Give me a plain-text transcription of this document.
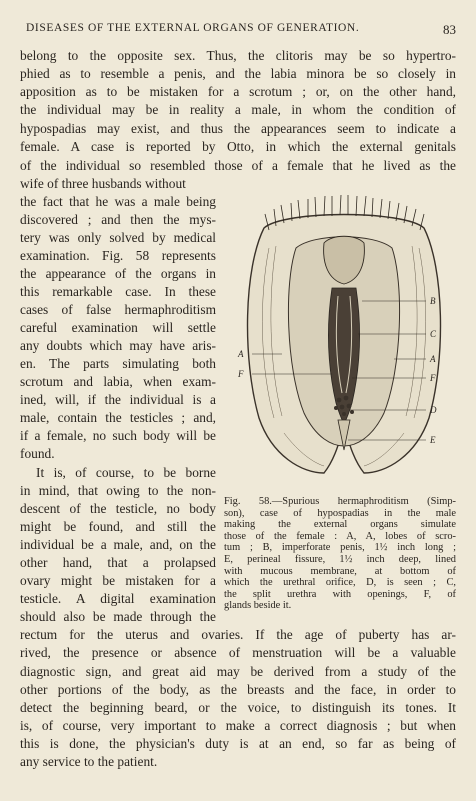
DISEASES OF THE EXTERNAL ORGANS OF GENERATION.	83
belong to the opposite sex. Thus, the clitoris may be so hypertro-
phied as to resemble a penis, and the labia minora be so closely in
apposition as to be mistaken for a scrotum ; or, on the other hand,
the individual may be in reality a male, in whom the condition of
hypospadias may exist, and thus the appearances seem to indicate a
female. A case is reported by Otto, in which the external genitals
of the individual so resembled those of a female that he lived as the
wife of three husbands without
the fact that he was a male being
discovered ; and then the mys-
tery was only solved by medical
examination. Fig. 58 represents
the appearance of the organs in
this remarkable case. In these
cases of false hermaphroditism
careful examination will settle
any doubts which may have aris-
en. The parts simulating both
scrotum and labia, when exam-
ined, will, if the individual is a
male, contain the testicles ; and,
if a female, no such body will be
found.
It is, of course, to be borne
in mind, that owing to the non-
descent of the testicle, no body
might be found, and still the
individual be a male, and, on the
other hand, that a prolapsed
ovary might be mistaken for a
testicle. A digital examination
should also be made through the
rectum for the uterus and ovaries. If the age of puberty has ar-
rived, the presence or absence of menstruation will be a valuable
diagnostic sign, and great aid may be derived from a study of the
other portions of the body, as the breasts and the face, in order to
detect the beginning beard, or the voice, to distinguish its tones. It
is, of course, very important to make a correct diagnosis ; but when
this is done, the physician's duty is at an end, so far as being of
any service to the patient.
B
C
A
F
A
F
D
E
Fig. 58.—Spurious hermaphroditism (Simp-
son), case of hypospadias in the male
making the external organs simulate
those of the female : A, A, lobes of scro-
tum ; B, imperforate penis, 1½ inch long ;
E, perineal fissure, 1½ inch deep, lined
with mucous membrane, at bottom of
which the urethral orifice, D, is seen ; C,
the split urethra with openings, F, of
glands beside it.
